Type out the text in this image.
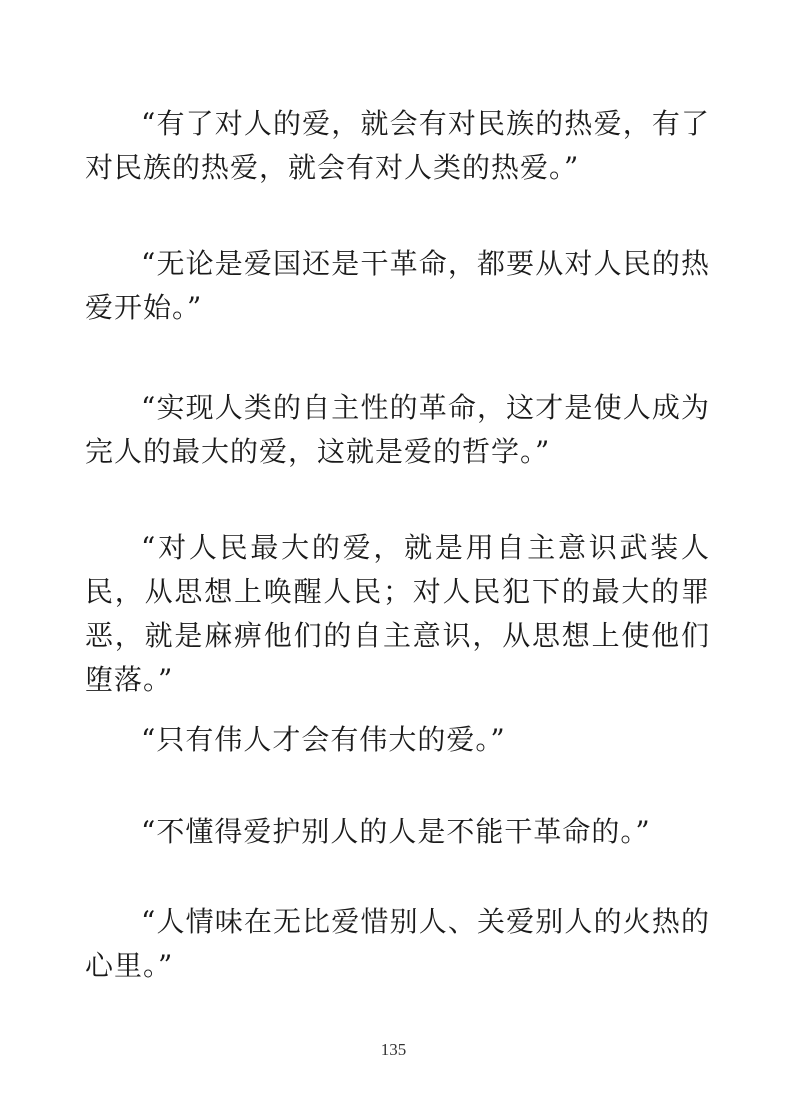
“有了对人的爱，就会有对民族的热爱，有了对民族的热爱，就会有对人类的热爱。”

“无论是爱国还是干革命，都要从对人民的热爱开始。”

“实现人类的自主性的革命，这才是使人成为完人的最大的爱，这就是爱的哲学。”

“对人民最大的爱，就是用自主意识武装人民，从思想上唤醒人民；对人民犯下的最大的罪恶，就是麻痹他们的自主意识，从思想上使他们堕落。”

“只有伟人才会有伟大的爱。”

“不懂得爱护别人的人是不能干革命的。”

“人情味在无比爱惜别人、关爱别人的火热的心里。”

135
